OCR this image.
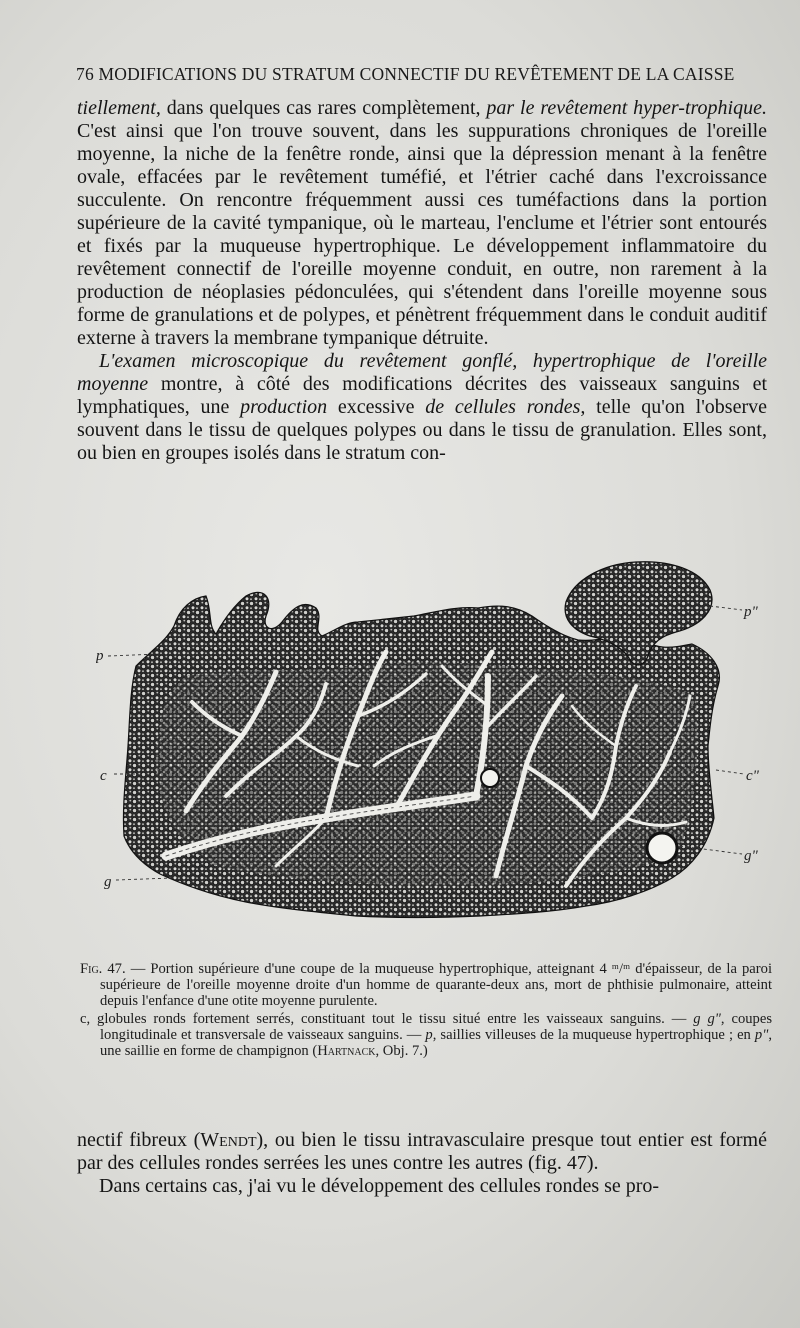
76 MODIFICATIONS DU STRATUM CONNECTIF DU REVÊTEMENT DE LA CAISSE

tiellement, dans quelques cas rares complètement, par le revêtement hyper-trophique. C'est ainsi que l'on trouve souvent, dans les suppurations chroniques de l'oreille moyenne, la niche de la fenêtre ronde, ainsi que la dépression menant à la fenêtre ovale, effacées par le revêtement tuméfié, et l'étrier caché dans l'excroissance succulente. On rencontre fréquemment aussi ces tuméfactions dans la portion supérieure de la cavité tympanique, où le marteau, l'enclume et l'étrier sont entourés et fixés par la muqueuse hypertrophique. Le développement inflammatoire du revêtement connectif de l'oreille moyenne conduit, en outre, non rarement à la production de néoplasies pédonculées, qui s'étendent dans l'oreille moyenne sous forme de granulations et de polypes, et pénètrent fréquemment dans le conduit auditif externe à travers la membrane tympanique détruite.

L'examen microscopique du revêtement gonflé, hypertrophique de l'oreille moyenne montre, à côté des modifications décrites des vaisseaux sanguins et lymphatiques, une production excessive de cellules rondes, telle qu'on l'observe souvent dans le tissu de quelques polypes ou dans le tissu de granulation. Elles sont, ou bien en groupes isolés dans le stratum con-

p"
p
c	c"
g
g"

Fig. 47. — Portion supérieure d'une coupe de la muqueuse hypertrophique, atteignant 4 ᵐ/ᵐ d'épaisseur, de la paroi supérieure de l'oreille moyenne droite d'un homme de quarante-deux ans, mort de phthisie pulmonaire, atteint depuis l'enfance d'une otite moyenne purulente.

c, globules ronds fortement serrés, constituant tout le tissu situé entre les vaisseaux sanguins. — g g", coupes longitudinale et transversale de vaisseaux sanguins. — p, saillies villeuses de la muqueuse hypertrophique ; en p", une saillie en forme de champignon (Hartnack, Obj. 7.)

nectif fibreux (Wendt), ou bien le tissu intravasculaire presque tout entier est formé par des cellules rondes serrées les unes contre les autres (fig. 47).

Dans certains cas, j'ai vu le développement des cellules rondes se pro-
